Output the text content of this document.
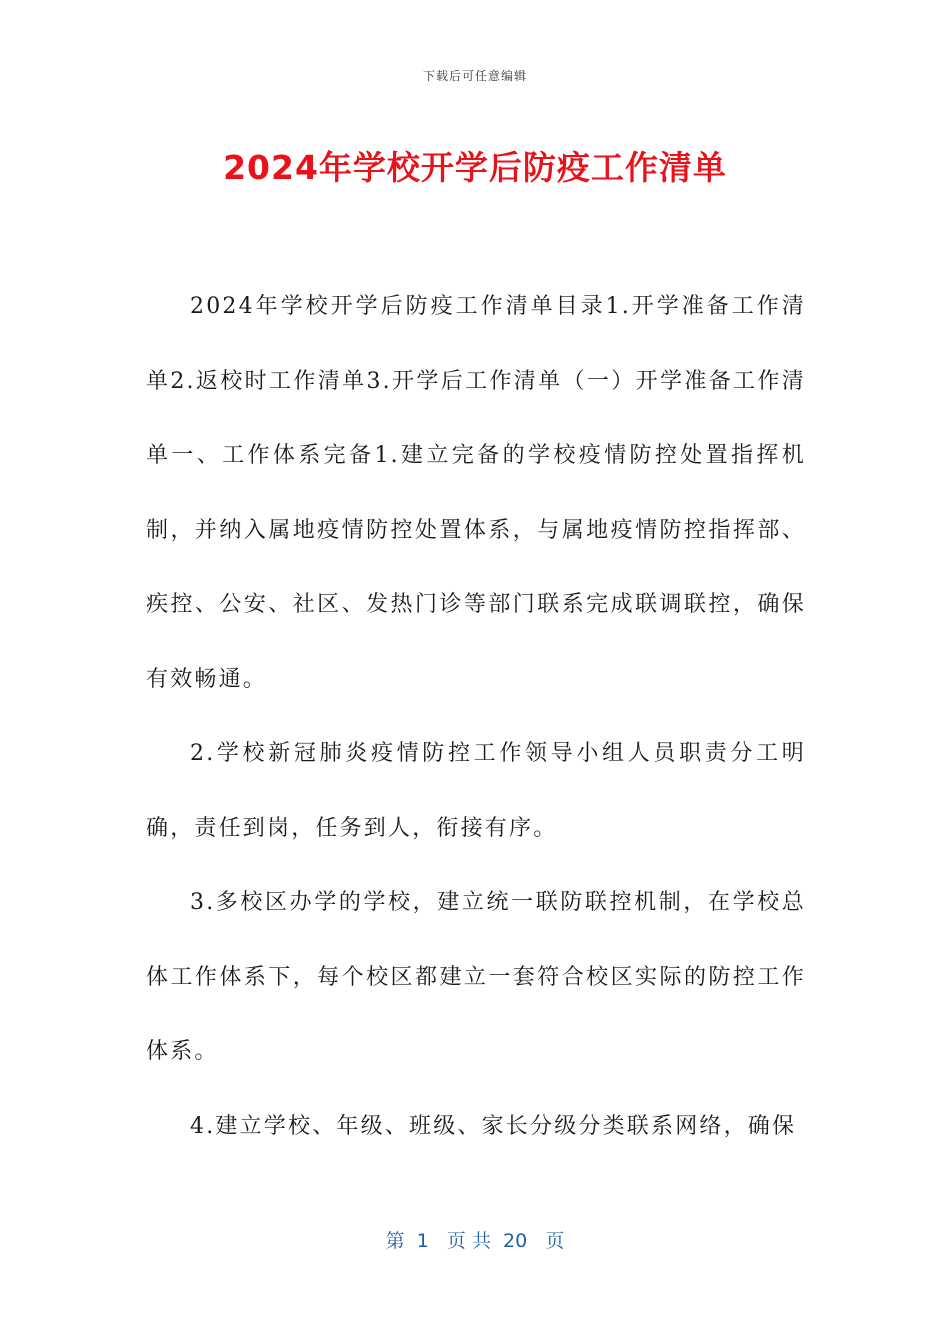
下载后可任意编辑
2024年学校开学后防疫工作清单

2024年学校开学后防疫工作清单目录1.开学准备工作清单2.返校时工作清单3.开学后工作清单（一）开学准备工作清单一、工作体系完备1.建立完备的学校疫情防控处置指挥机制，并纳入属地疫情防控处置体系，与属地疫情防控指挥部、疾控、公安、社区、发热门诊等部门联系完成联调联控，确保有效畅通。

2.学校新冠肺炎疫情防控工作领导小组人员职责分工明确，责任到岗，任务到人，衔接有序。

3.多校区办学的学校，建立统一联防联控机制，在学校总体工作体系下，每个校区都建立一套符合校区实际的防控工作体系。

4.建立学校、年级、班级、家长分级分类联系网络，确保

第  1   页 共  20   页
